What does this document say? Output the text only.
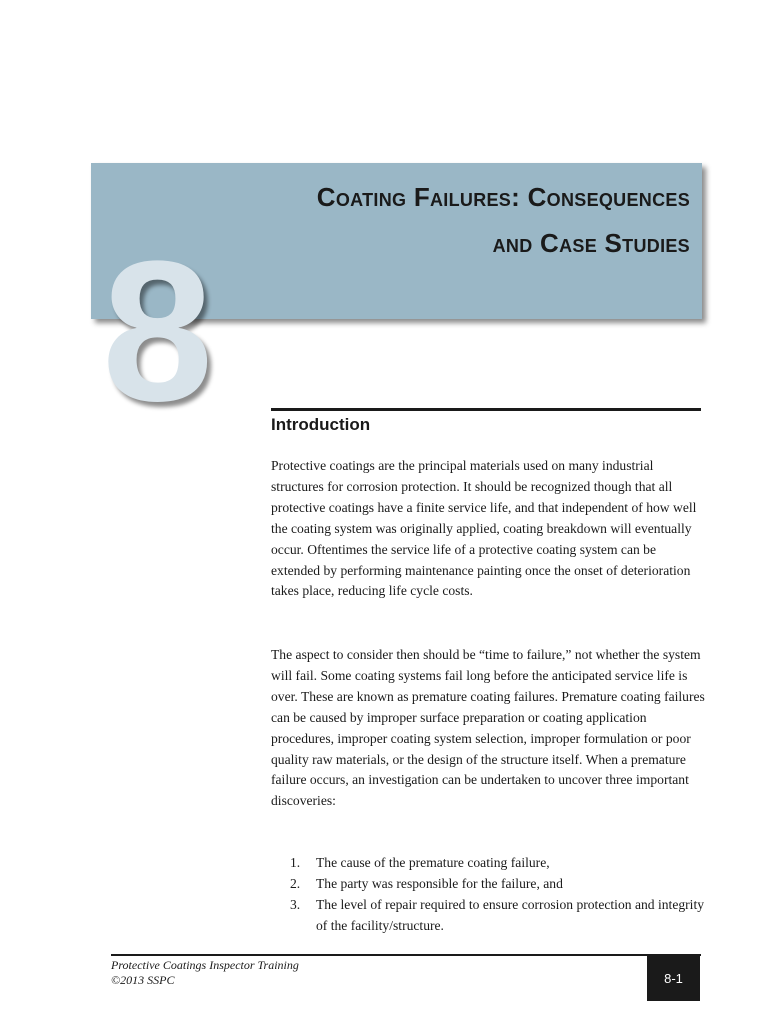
8
Coating Failures: Consequences
and Case Studies
Introduction

Protective coatings are the principal materials used on many industrial structures for corrosion protection. It should be recognized though that all protective coatings have a finite service life, and that independent of how well the coating system was originally applied, coating breakdown will eventually occur. Oftentimes the service life of a protective coating system can be extended by performing maintenance painting once the onset of deterioration takes place, reducing life cycle costs.

The aspect to consider then should be “time to failure,” not whether the system will fail. Some coating systems fail long before the anticipated service life is over. These are known as premature coating failures. Premature coating failures can be caused by improper surface preparation or coating application procedures, improper coating system selection, improper formulation or poor quality raw materials, or the design of the structure itself. When a premature failure occurs, an investigation can be undertaken to uncover three important discoveries:

1.	The cause of the premature coating failure,
2.	The party was responsible for the failure, and
3.	The level of repair required to ensure corrosion protection and integrity of the facility/structure.
Protective Coatings Inspector Training
©2013 SSPC	8-1
